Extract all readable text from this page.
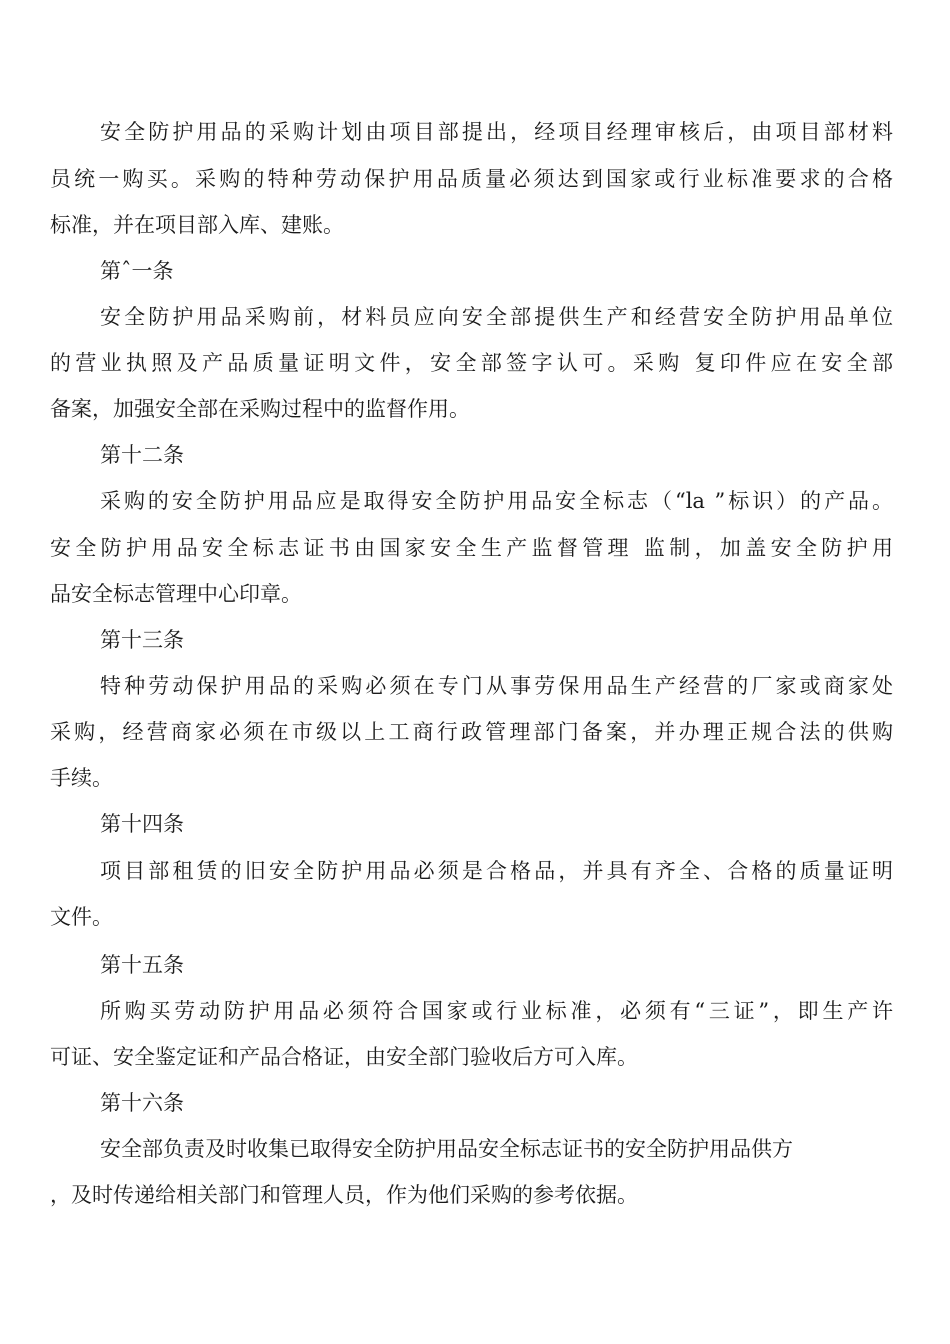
安全防护用品的采购计划由项目部提出，经项目经理审核后，由项目部材料
员统一购买。采购的特种劳动保护用品质量必须达到国家或行业标准要求的合格
标准，并在项目部入库、建账。
第ˆ一条
安全防护用品采购前，材料员应向安全部提供生产和经营安全防护用品单位
的营业执照及产品质量证明文件，安全部签字认可。采购 复印件应在安全部
备案，加强安全部在采购过程中的监督作用。
第十二条
采购的安全防护用品应是取得安全防护用品安全标志（“la ”标识）的产品。
安全防护用品安全标志证书由国家安全生产监督管理 监制，加盖安全防护用
品安全标志管理中心印章。
第十三条
特种劳动保护用品的采购必须在专门从事劳保用品生产经营的厂家或商家处
采购，经营商家必须在市级以上工商行政管理部门备案，并办理正规合法的供购
手续。
第十四条
项目部租赁的旧安全防护用品必须是合格品，并具有齐全、合格的质量证明
文件。
第十五条
所购买劳动防护用品必须符合国家或行业标准，必须有“三证”，即生产许
可证、安全鉴定证和产品合格证，由安全部门验收后方可入库。
第十六条
安全部负责及时收集已取得安全防护用品安全标志证书的安全防护用品供方
，及时传递给相关部门和管理人员，作为他们采购的参考依据。
